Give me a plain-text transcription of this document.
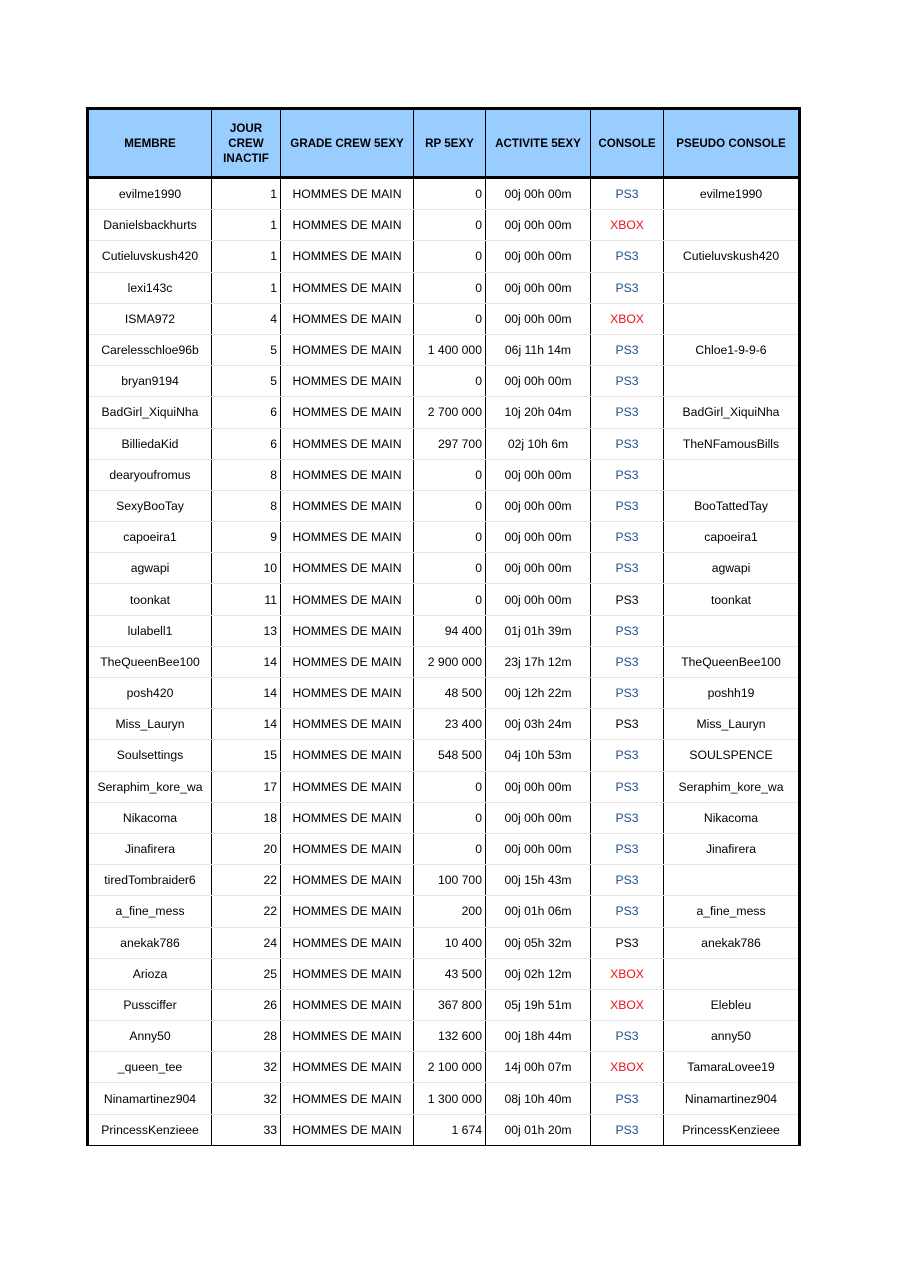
MEMBRE	JOUR CREW INACTIF	GRADE CREW 5EXY	RP 5EXY	ACTIVITE 5EXY	CONSOLE	PSEUDO CONSOLE
evilme1990	1	HOMMES DE MAIN	0	00j 00h 00m	PS3	evilme1990
Danielsbackhurts	1	HOMMES DE MAIN	0	00j 00h 00m	XBOX	
Cutieluvskush420	1	HOMMES DE MAIN	0	00j 00h 00m	PS3	Cutieluvskush420
lexi143c	1	HOMMES DE MAIN	0	00j 00h 00m	PS3	
ISMA972	4	HOMMES DE MAIN	0	00j 00h 00m	XBOX	
Carelesschloe96b	5	HOMMES DE MAIN	1 400 000	06j 11h 14m	PS3	Chloe1-9-9-6
bryan9194	5	HOMMES DE MAIN	0	00j 00h 00m	PS3	
BadGirl_XiquiNha	6	HOMMES DE MAIN	2 700 000	10j 20h 04m	PS3	BadGirl_XiquiNha
BilliedaKid	6	HOMMES DE MAIN	297 700	02j 10h 6m	PS3	TheNFamousBills
dearyoufromus	8	HOMMES DE MAIN	0	00j 00h 00m	PS3	
SexyBooTay	8	HOMMES DE MAIN	0	00j 00h 00m	PS3	BooTattedTay
capoeira1	9	HOMMES DE MAIN	0	00j 00h 00m	PS3	capoeira1
agwapi	10	HOMMES DE MAIN	0	00j 00h 00m	PS3	agwapi
toonkat	11	HOMMES DE MAIN	0	00j 00h 00m	PS3	toonkat
lulabell1	13	HOMMES DE MAIN	94 400	01j 01h 39m	PS3	
TheQueenBee100	14	HOMMES DE MAIN	2 900 000	23j 17h 12m	PS3	TheQueenBee100
posh420	14	HOMMES DE MAIN	48 500	00j 12h 22m	PS3	poshh19
Miss_Lauryn	14	HOMMES DE MAIN	23 400	00j 03h 24m	PS3	Miss_Lauryn
Soulsettings	15	HOMMES DE MAIN	548 500	04j 10h 53m	PS3	SOULSPENCE
Seraphim_kore_wa	17	HOMMES DE MAIN	0	00j 00h 00m	PS3	Seraphim_kore_wa
Nikacoma	18	HOMMES DE MAIN	0	00j 00h 00m	PS3	Nikacoma
Jinafirera	20	HOMMES DE MAIN	0	00j 00h 00m	PS3	Jinafirera
tiredTombraider6	22	HOMMES DE MAIN	100 700	00j 15h 43m	PS3	
a_fine_mess	22	HOMMES DE MAIN	200	00j 01h 06m	PS3	a_fine_mess
anekak786	24	HOMMES DE MAIN	10 400	00j 05h 32m	PS3	anekak786
Arioza	25	HOMMES DE MAIN	43 500	00j 02h 12m	XBOX	
Pussciffer	26	HOMMES DE MAIN	367 800	05j 19h 51m	XBOX	Elebleu
Anny50	28	HOMMES DE MAIN	132 600	00j 18h 44m	PS3	anny50
_queen_tee	32	HOMMES DE MAIN	2 100 000	14j 00h 07m	XBOX	TamaraLovee19
Ninamartinez904	32	HOMMES DE MAIN	1 300 000	08j 10h 40m	PS3	Ninamartinez904
PrincessKenzieee	33	HOMMES DE MAIN	1 674	00j 01h 20m	PS3	PrincessKenzieee
